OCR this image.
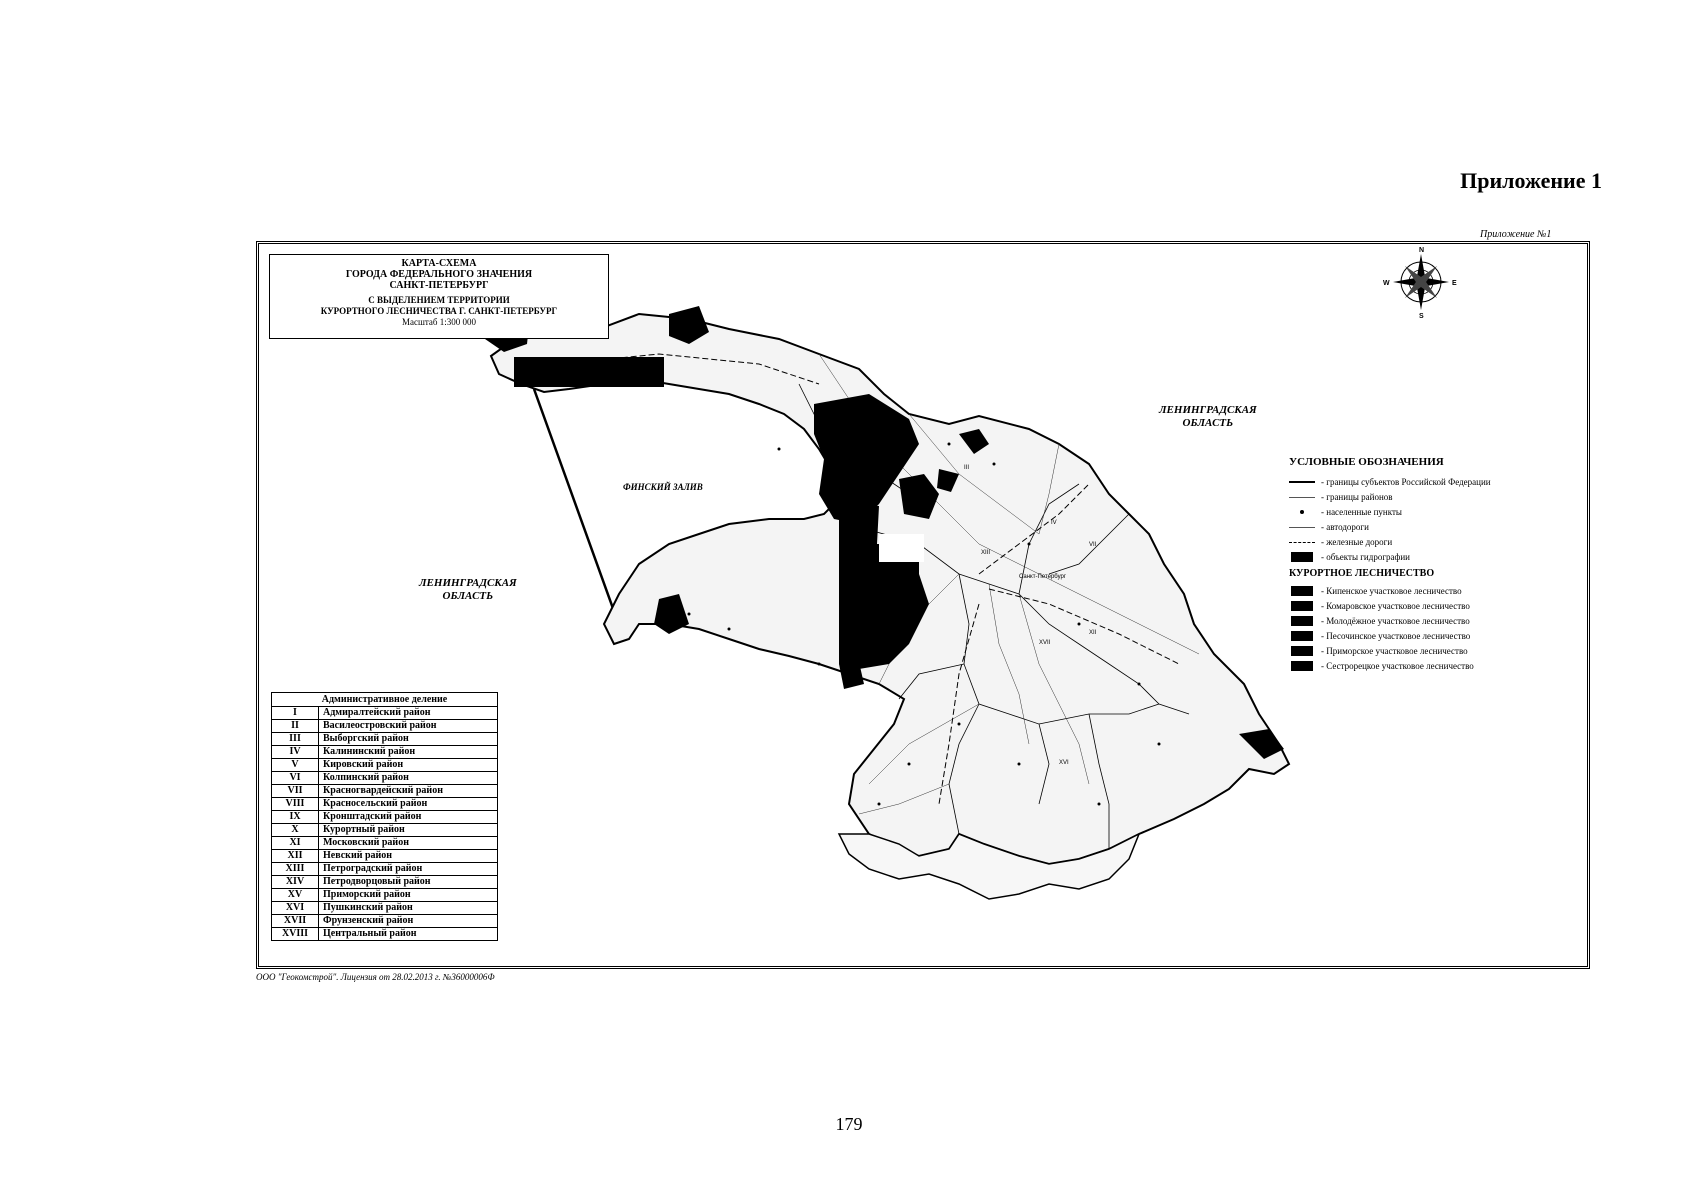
Приложение 1
Приложение №1
XIII
IV
VII
XII
XVII
XVI
III
Санкт-Петербург
N
S
W	E
КАРТА-СХЕМА
ГОРОДА ФЕДЕРАЛЬНОГО ЗНАЧЕНИЯ
САНКТ-ПЕТЕРБУРГ
С ВЫДЕЛЕНИЕМ ТЕРРИТОРИИ
КУРОРТНОГО ЛЕСНИЧЕСТВА Г. САНКТ-ПЕТЕРБУРГ
Масштаб 1:300 000
ЛЕНИНГРАДСКАЯ
ОБЛАСТЬ
ЛЕНИНГРАДСКАЯ
ОБЛАСТЬ
ФИНСКИЙ ЗАЛИВ
УСЛОВНЫЕ ОБОЗНАЧЕНИЯ
- границы субъектов Российской Федерации
- границы районов
- населенные пункты
- автодороги
- железные дороги
- объекты гидрографии
КУРОРТНОЕ ЛЕСНИЧЕСТВО
- Кипенское участковое лесничество
- Комаровское участковое лесничество
- Молодёжное участковое лесничество
- Песочинское участковое лесничество
- Приморское участковое лесничество
- Сестрорецкое участковое лесничество
Административное деление	
I	Адмиралтейский район
II	Василеостровский район
III	Выборгский район
IV	Калининский район
V	Кировский район
VI	Колпинский район
VII	Красногвардейский район
VIII	Красносельский район
IX	Кронштадский район
X	Курортный район
XI	Московский район
XII	Невский район
XIII	Петроградский район
XIV	Петродворцовый район
XV	Приморский район
XVI	Пушкинский район
XVII	Фрунзенский район
XVIII	Центральный район
ООО "Геокомстрой". Лицензия от 28.02.2013 г. №36000006Ф
179
